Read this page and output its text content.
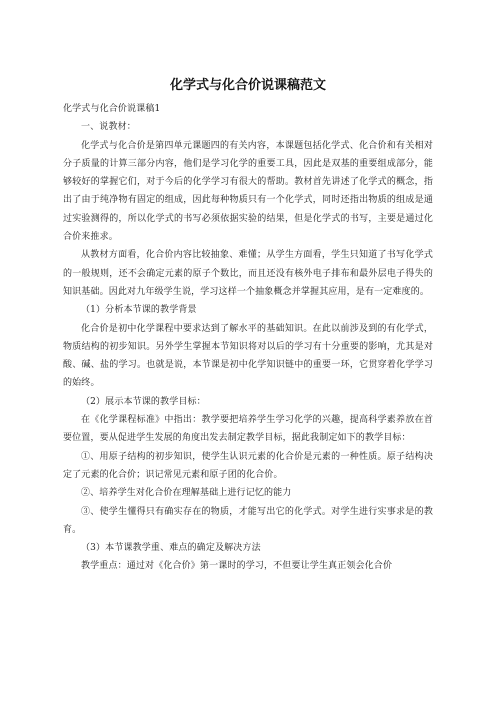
化学式与化合价说课稿范文

化学式与化合价说课稿1

一、说教材：

化学式与化合价是第四单元课题四的有关内容，本课题包括化学式、化合价和有关相对分子质量的计算三部分内容，他们是学习化学的重要工具，因此是双基的重要组成部分，能够较好的掌握它们，对于今后的化学学习有很大的帮助。教材首先讲述了化学式的概念，指出了由于纯净物有固定的组成，因此每种物质只有一个化学式，同时还指出物质的组成是通过实验测得的，所以化学式的书写必须依据实验的结果，但是化学式的书写，主要是通过化合价来推求。

从教材方面看，化合价内容比较抽象、难懂；从学生方面看，学生只知道了书写化学式的一般规则，还不会确定元素的原子个数比，而且还没有核外电子排布和最外层电子得失的知识基础。因此对九年级学生说，学习这样一个抽象概念并掌握其应用，是有一定难度的。

（1）分析本节课的教学背景

化合价是初中化学课程中要求达到了解水平的基础知识。在此以前涉及到的有化学式，物质结构的初步知识。另外学生掌握本节知识将对以后的学习有十分重要的影响，尤其是对酸、碱、盐的学习。也就是说，本节课是初中化学知识链中的重要一环，它贯穿着化学学习的始终。

（2）展示本节课的教学目标：

在《化学课程标准》中指出：教学要把培养学生学习化学的兴趣，提高科学素养放在首要位置，要从促进学生发展的角度出发去制定教学目标，据此我制定如下的教学目标：

①、用原子结构的初步知识，使学生认识元素的化合价是元素的一种性质。原子结构决定了元素的化合价；识记常见元素和原子团的化合价。

②、培养学生对化合价在理解基础上进行记忆的能力

③、使学生懂得只有确实存在的物质，才能写出它的化学式。对学生进行实事求是的教育。

（3）本节课教学重、难点的确定及解决方法

教学重点：通过对《化合价》第一课时的学习，不但要让学生真正领会化合价
